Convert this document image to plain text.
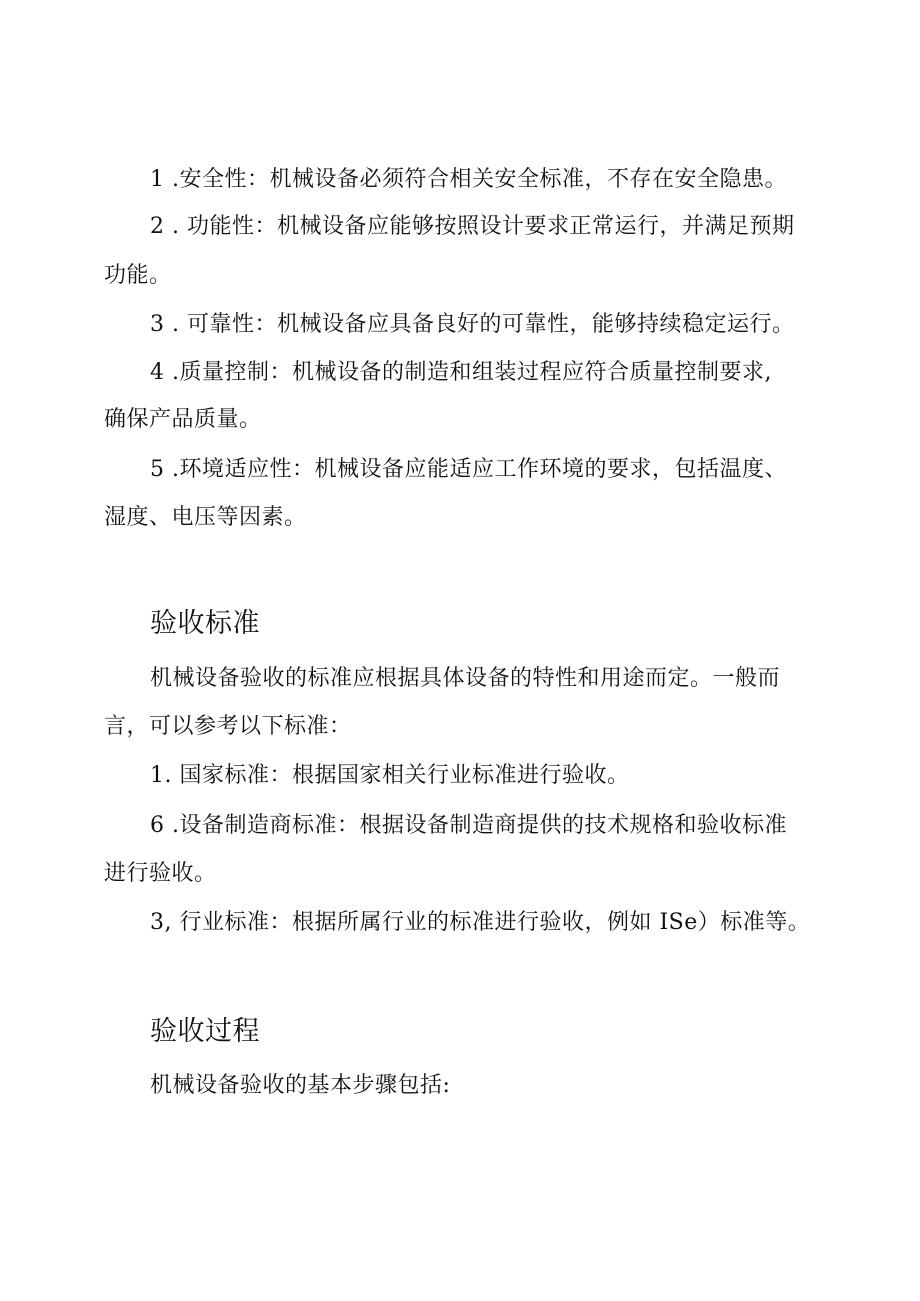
1 .安全性：机械设备必须符合相关安全标准，不存在安全隐患。
2 . 功能性：机械设备应能够按照设计要求正常运行，并满足预期
功能。
3 . 可靠性：机械设备应具备良好的可靠性，能够持续稳定运行。
4 .质量控制：机械设备的制造和组装过程应符合质量控制要求,
确保产品质量。
5 .环境适应性：机械设备应能适应工作环境的要求，包括温度、
湿度、电压等因素。
验收标准
机械设备验收的标准应根据具体设备的特性和用途而定。一般而
言，可以参考以下标准：
1. 国家标准：根据国家相关行业标准进行验收。
6 .设备制造商标准：根据设备制造商提供的技术规格和验收标准
进行验收。
3, 行业标准：根据所属行业的标准进行验收，例如 ISe）标准等。
验收过程
机械设备验收的基本步骤包括:
